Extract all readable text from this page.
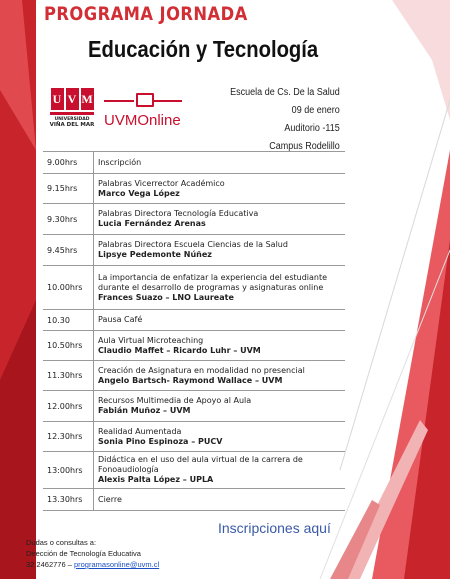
PROGRAMA JORNADA
Educación y Tecnología
U V M
UNIVERSIDAD
VIÑA DEL MAR UVMOnline
Escuela de Cs. De la Salud
09 de enero
Auditorio -115
Campus Rodelillo
9.00hrs	Inscripción

9.15hrs	Palabras Vicerrector Académico
Marco Vega López

9.30hrs	Palabras Directora Tecnología Educativa
Lucia Fernández Arenas

9.45hrs	Palabras Directora Escuela Ciencias de la Salud
Lipsye Pedemonte Núñez

10.00hrs	La importancia de enfatizar la experiencia del estudiante
durante el desarrollo de programas y asignaturas online
Frances Suazo – LNO Laureate

10.30	Pausa Café

10.50hrs	Aula Virtual Microteaching
Claudio Maffet – Ricardo Luhr – UVM

11.30hrs	Creación de Asignatura en modalidad no presencial
Angelo Bartsch- Raymond Wallace – UVM

12.00hrs	Recursos Multimedia de Apoyo al Aula
Fabián Muñoz – UVM

12.30hrs	Realidad Aumentada
Sonia Pino Espinoza – PUCV

13:00hrs	Didáctica en el uso del aula virtual de la carrera de
Fonoaudiología
Alexis Palta López – UPLA

13.30hrs	Cierre
Inscripciones aquí
Dudas o consultas a:
Dirección de Tecnología Educativa
32 2462776 – programasonline@uvm.cl
